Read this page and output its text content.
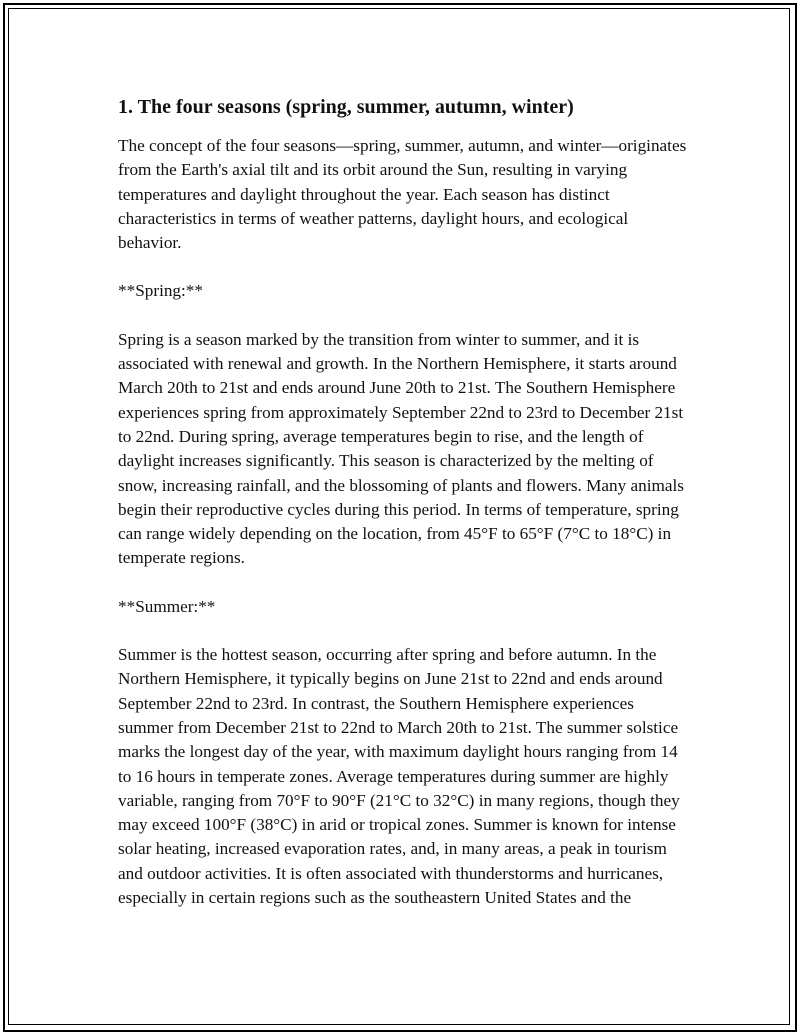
1. The four seasons (spring, summer, autumn, winter)

The concept of the four seasons—spring, summer, autumn, and winter—originates from the Earth's axial tilt and its orbit around the Sun, resulting in varying temperatures and daylight throughout the year. Each season has distinct characteristics in terms of weather patterns, daylight hours, and ecological behavior.

**Spring:**

Spring is a season marked by the transition from winter to summer, and it is associated with renewal and growth. In the Northern Hemisphere, it starts around March 20th to 21st and ends around June 20th to 21st. The Southern Hemisphere experiences spring from approximately September 22nd to 23rd to December 21st to 22nd. During spring, average temperatures begin to rise, and the length of daylight increases significantly. This season is characterized by the melting of snow, increasing rainfall, and the blossoming of plants and flowers. Many animals begin their reproductive cycles during this period. In terms of temperature, spring can range widely depending on the location, from 45°F to 65°F (7°C to 18°C) in temperate regions.

**Summer:**

Summer is the hottest season, occurring after spring and before autumn. In the Northern Hemisphere, it typically begins on June 21st to 22nd and ends around September 22nd to 23rd. In contrast, the Southern Hemisphere experiences summer from December 21st to 22nd to March 20th to 21st. The summer solstice marks the longest day of the year, with maximum daylight hours ranging from 14 to 16 hours in temperate zones. Average temperatures during summer are highly variable, ranging from 70°F to 90°F (21°C to 32°C) in many regions, though they may exceed 100°F (38°C) in arid or tropical zones. Summer is known for intense solar heating, increased evaporation rates, and, in many areas, a peak in tourism and outdoor activities. It is often associated with thunderstorms and hurricanes, especially in certain regions such as the southeastern United States and the
